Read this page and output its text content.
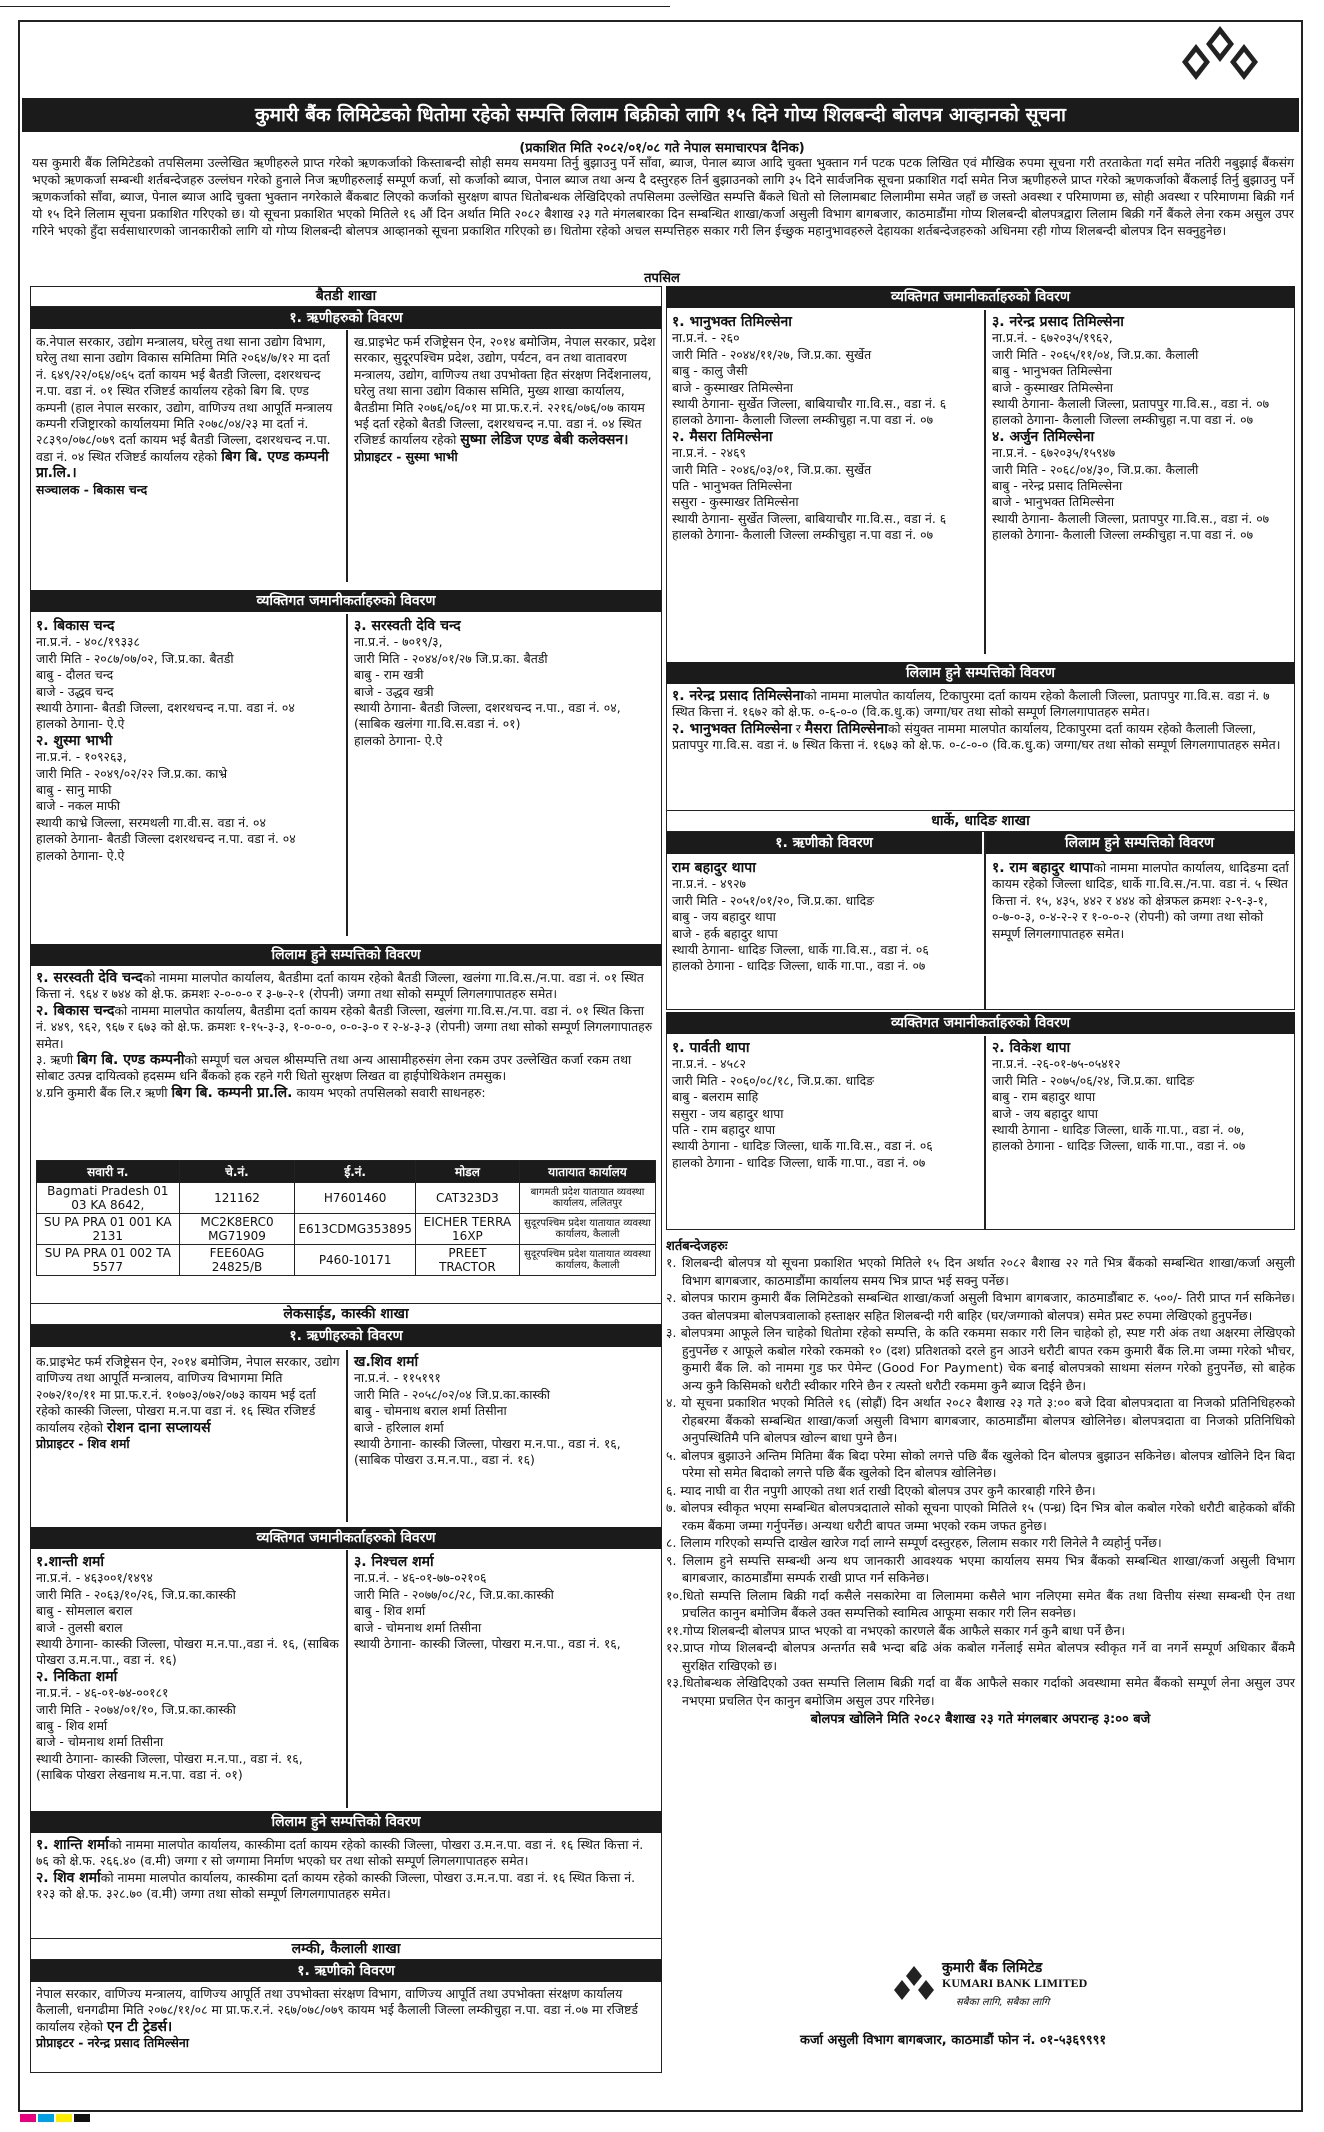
कुमारी बैंक लिमिटेडको धितोमा रहेको सम्पत्ति लिलाम बिक्रीको लागि १५ दिने गोप्य शिलबन्दी बोलपत्र आव्हानको सूचना
(प्रकाशित मिति २०८२/०१/०८ गते नेपाल समाचारपत्र दैनिक)
यस कुमारी बैंक लिमिटेडको तपसिलमा उल्लेखित ऋणीहरुले प्राप्त गरेको ऋणकर्जाको किस्ताबन्दी सोही समय समयमा तिर्नु बुझाउनु पर्ने साँवा, ब्याज, पेनाल ब्याज आदि चुक्ता भुक्तान गर्न पटक पटक लिखित एवं मौखिक रुपमा सूचना गरी तरताकेता गर्दा समेत नतिरी नबुझाई बैंकसंग भएको ऋणकर्जा सम्बन्धी शर्तबन्देजहरु उल्लंघन गरेको हुनाले निज ऋणीहरुलाई सम्पूर्ण कर्जा, सो कर्जाको ब्याज, पेनाल ब्याज तथा अन्य दै दस्तुरहरु तिर्न बुझाउनको लागि ३५ दिने सार्वजनिक सूचना प्रकाशित गर्दा समेत निज ऋणीहरुले प्राप्त गरेको ऋणकर्जाको बैंकलाई तिर्नु बुझाउनु पर्ने ऋणकर्जाको साँवा, ब्याज, पेनाल ब्याज आदि चुक्ता भुक्तान नगरेकाले बैंकबाट लिएको कर्जाको सुरक्षण बापत धितोबन्धक लेखिदिएको तपसिलमा उल्लेखित सम्पत्ति बैंकले धितो सो लिलामबाट लिलामीमा समेत जहाँ छ जस्तो अवस्था र परिमाणमा छ, सोही अवस्था र परिमाणमा बिक्री गर्न यो १५ दिने लिलाम सूचना प्रकाशित गरिएको छ। यो सूचना प्रकाशित भएको मितिले १६ औं दिन अर्थात मिति २०८२ बैशाख २३ गते मंगलबारका दिन सम्बन्धित शाखा/कर्जा असुली विभाग बागबजार, काठमाडौंमा गोप्य शिलबन्दी बोलपत्रद्वारा लिलाम बिक्री गर्ने बैंकले लेना रकम असुल उपर गरिने भएको हुँदा सर्वसाधारणको जानकारीको लागि यो गोप्य शिलबन्दी बोलपत्र आव्हानको सूचना प्रकाशित गरिएको छ। धितोमा रहेको अचल सम्पत्तिहरु सकार गरी लिन ईच्छुक महानुभावहरुले देहायका शर्तबन्देजहरुको अधिनमा रही गोप्य शिलबन्दी बोलपत्र दिन सक्नुहुनेछ।
तपसिल
बैतडी शाखा
१. ऋणीहरुको विवरण
क.नेपाल सरकार, उद्योग मन्त्रालय, घरेलु तथा साना उद्योग विभाग, घरेलु तथा साना उद्योग विकास समितिमा मिति २०६४/७/१२ मा दर्ता नं. ६४९/२२/०६४/०६५ दर्ता कायम भई बैतडी जिल्ला, दशरथचन्द न.पा. वडा नं. ०१ स्थित रजिष्टर्ड कार्यालय रहेको बिग बि. एण्ड कम्पनी (हाल नेपाल सरकार, उद्योग, वाणिज्य तथा आपूर्ति मन्त्रालय कम्पनी रजिष्ट्रारको कार्यालयमा मिति २०७८/०४/२३ मा दर्ता नं. २८३९०/०७८/०७९ दर्ता कायम भई बैतडी जिल्ला, दशरथचन्द न.पा. वडा नं. ०४ स्थित रजिष्टर्ड कार्यालय रहेको बिग बि. एण्ड कम्पनी प्रा.लि.।
सञ्चालक - बिकास चन्द
ख.प्राइभेट फर्म रजिष्ट्रेसन ऐन, २०१४ बमोजिम, नेपाल सरकार, प्रदेश सरकार, सुदूरपश्चिम प्रदेश, उद्योग, पर्यटन, वन तथा वातावरण मन्त्रालय, उद्योग, वाणिज्य तथा उपभोक्ता हित संरक्षण निर्देशनालय, घरेलु तथा साना उद्योग विकास समिति, मुख्य शाखा कार्यालय, बैतडीमा मिति २०७६/०६/०१ मा प्रा.फ.र.नं. २२१६/०७६/०७ कायम भई दर्ता रहेको बैतडी जिल्ला, दशरथचन्द न.पा. वडा नं. ०४ स्थित रजिष्टर्ड कार्यालय रहेको सुष्मा लेडिज एण्ड बेबी कलेक्सन।
प्रोप्राइटर - सुस्मा भाभी
व्यक्तिगत जमानीकर्ताहरुको विवरण
१. बिकास चन्द
ना.प्र.नं. - ४०८/१९३३८
जारी मिति - २०८७/०७/०२, जि.प्र.का. बैतडी
बाबु - दौलत चन्द
बाजे - उद्धव चन्द
स्थायी ठेगाना- बैतडी जिल्ला, दशरथचन्द न.पा. वडा नं. ०४
हालको ठेगाना- ऐ.ऐ
२. शुस्मा भाभी
ना.प्र.नं. - १०९२६३,
जारी मिति - २०४९/०२/२२ जि.प्र.का. काभ्रे
बाबु - सानु माफी
बाजे - नकल माफी
स्थायी काभ्रे जिल्ला, सरमथली गा.वी.स. वडा नं. ०४
हालको ठेगाना- बैतडी जिल्ला दशरथचन्द न.पा. वडा नं. ०४
हालको ठेगाना- ऐ.ऐ
३. सरस्वती देवि चन्द
ना.प्र.नं. - ७०१९/३,
जारी मिति - २०४४/०१/२७ जि.प्र.का. बैतडी
बाबु - राम खत्री
बाजे - उद्धव खत्री
स्थायी ठेगाना- बैतडी जिल्ला, दशरथचन्द न.पा., वडा नं. ०४, (साबिक खलंगा गा.वि.स.वडा नं. ०१)
हालको ठेगाना- ऐ.ऐ
लिलाम हुने सम्पत्तिको विवरण
१. सरस्वती देवि चन्दको नाममा मालपोत कार्यालय, बैतडीमा दर्ता कायम रहेको बैतडी जिल्ला, खलंगा गा.वि.स./न.पा. वडा नं. ०१ स्थित कित्ता नं. ९६४ र ७४४ को क्षे.फ. क्रमशः २-०-०-० र ३-७-२-१ (रोपनी) जग्गा तथा सोको सम्पूर्ण लिगलगापातहरु समेत।
२. बिकास चन्दको नाममा मालपोत कार्यालय, बैतडीमा दर्ता कायम रहेको बैतडी जिल्ला, खलंगा गा.वि.स./न.पा. वडा नं. ०१ स्थित कित्ता नं. ४४९, ९६२, ९६७ र ६७३ को क्षे.फ. क्रमशः १-१५-३-३, १-०-०-०, ०-०-३-० र २-४-३-३ (रोपनी) जग्गा तथा सोको सम्पूर्ण लिगलगापातहरु समेत।
३. ऋणी बिग बि. एण्ड कम्पनीको सम्पूर्ण चल अचल श्रीसम्पत्ति तथा अन्य आसामीहरुसंग लेना रकम उपर उल्लेखित कर्जा रकम तथा सोबाट उत्पन्न दायित्वको हदसम्म धनि बैंकको हक रहने गरी धितो सुरक्षण लिखत वा हाईपोथिकेशन तमसुक।
४.ग्रनि कुमारी बैंक लि.र ऋणी बिग बि. कम्पनी प्रा.लि. कायम भएको तपसिलको सवारी साधनहरु:
सवारी न.	चे.नं.	ई.नं.	मोडल	यातायात कार्यालय
Bagmati Pradesh 01 03 KA 8642,	121162	H7601460	CAT323D3	बागमती प्रदेश यातायात व्यवस्था कार्यालय, ललितपुर
SU PA PRA 01 001 KA 2131	MC2K8ERC0 MG71909	E613CDMG353895	EICHER TERRA 16XP	सुदूरपश्चिम प्रदेश यातायात व्यवस्था कार्यालय, कैलाली
SU PA PRA 01 002 TA 5577	FEE60AG 24825/B	P460-10171	PREET TRACTOR	सुदूरपश्चिम प्रदेश यातायात व्यवस्था कार्यालय, कैलाली
लेकसाईड, कास्की शाखा
१. ऋणीहरुको विवरण
क.प्राइभेट फर्म रजिष्ट्रेसन ऐन, २०१४ बमोजिम, नेपाल सरकार, उद्योग वाणिज्य तथा आपूर्ति मन्त्रालय, वाणिज्य विभागमा मिति २०७२/१०/११ मा प्रा.फ.र.नं. १०७०३/०७२/०७३ कायम भई दर्ता रहेको कास्की जिल्ला, पोखरा म.न.पा वडा नं. १६ स्थित रजिष्टर्ड कार्यालय रहेको रोशन दाना सप्लायर्स
प्रोप्राइटर - शिव शर्मा
ख.शिव शर्मा
ना.प्र.नं. - ११५१९१
जारी मिति - २०५८/०२/०४ जि.प्र.का.कास्की
बाबु - चोमनाथ बराल शर्मा तिसीना
बाजे - हरिलाल शर्मा
स्थायी ठेगाना- कास्की जिल्ला, पोखरा म.न.पा., वडा नं. १६, (साबिक पोखरा उ.म.न.पा., वडा नं. १६)
व्यक्तिगत जमानीकर्ताहरुको विवरण
१.शान्ती शर्मा
ना.प्र.नं. - ४६३००१/१४९४
जारी मिति - २०६३/१०/२६, जि.प्र.का.कास्की
बाबु - सोमलाल बराल
बाजे - तुलसी बराल
स्थायी ठेगाना- कास्की जिल्ला, पोखरा म.न.पा.,वडा नं. १६, (साबिक पोखरा उ.म.न.पा., वडा नं. १६)
२. निकिता शर्मा
ना.प्र.नं. - ४६-०१-७४-००१८१
जारी मिति - २०७४/०१/१०, जि.प्र.का.कास्की
बाबु - शिव शर्मा
बाजे - चोमनाथ शर्मा तिसीना
स्थायी ठेगाना- कास्की जिल्ला, पोखरा म.न.पा., वडा नं. १६, (साबिक पोखरा लेखनाथ म.न.पा. वडा नं. ०१)
३. निश्चल शर्मा
ना.प्र.नं. - ४६-०१-७७-०२१०६
जारी मिति - २०७७/०८/२८, जि.प्र.का.कास्की
बाबु - शिव शर्मा
बाजे - चोमनाथ शर्मा तिसीना
स्थायी ठेगाना- कास्की जिल्ला, पोखरा म.न.पा., वडा नं. १६,
लिलाम हुने सम्पत्तिको विवरण
१. शान्ति शर्माको नाममा मालपोत कार्यालय, कास्कीमा दर्ता कायम रहेको कास्की जिल्ला, पोखरा उ.म.न.पा. वडा नं. १६ स्थित कित्ता नं. ७६ को क्षे.फ. २६६.४० (व.मी) जग्गा र सो जग्गामा निर्माण भएको घर तथा सोको सम्पूर्ण लिगलगापातहरु समेत।
२. शिव शर्माको नाममा मालपोत कार्यालय, कास्कीमा दर्ता कायम रहेको कास्की जिल्ला, पोखरा उ.म.न.पा. वडा नं. १६ स्थित कित्ता नं. १२३ को क्षे.फ. ३२८.७० (व.मी) जग्गा तथा सोको सम्पूर्ण लिगलगापातहरु समेत।
लम्की, कैलाली शाखा
१. ऋणीको विवरण
नेपाल सरकार, वाणिज्य मन्त्रालय, वाणिज्य आपूर्ति तथा उपभोक्ता संरक्षण विभाग, वाणिज्य आपूर्ति तथा उपभोक्ता संरक्षण कार्यालय कैलाली, धनगढीमा मिति २०७८/११/०८ मा प्रा.फ.र.नं. २६७/०७८/०७९ कायम भई कैलाली जिल्ला लम्कीचुहा न.पा. वडा नं.०७ मा रजिष्टर्ड कार्यालय रहेको एन टी ट्रेडर्स।
प्रोप्राइटर - नरेन्द्र प्रसाद तिमिल्सेना
व्यक्तिगत जमानीकर्ताहरुको विवरण
१. भानुभक्त तिमिल्सेना
ना.प्र.नं. - २६०
जारी मिति - २०४४/११/२७, जि.प्र.का. सुर्खेत
बाबु - कालु जैसी
बाजे - कुस्माखर तिमिल्सेना
स्थायी ठेगाना- सुर्खेत जिल्ला, बाबियाचौर गा.वि.स., वडा नं. ६
हालको ठेगाना- कैलाली जिल्ला लम्कीचुहा न.पा वडा नं. ०७
२. मैसरा तिमिल्सेना
ना.प्र.नं. - २४६९
जारी मिति - २०४६/०३/०१, जि.प्र.का. सुर्खेत
पति - भानुभक्त तिमिल्सेना
ससुरा - कुस्माखर तिमिल्सेना
स्थायी ठेगाना- सुर्खेत जिल्ला, बाबियाचौर गा.वि.स., वडा नं. ६
हालको ठेगाना- कैलाली जिल्ला लम्कीचुहा न.पा वडा नं. ०७
३. नरेन्द्र प्रसाद तिमिल्सेना
ना.प्र.नं. - ६७२०३५/१९६२,
जारी मिति - २०६५/११/०४, जि.प्र.का. कैलाली
बाबु - भानुभक्त तिमिल्सेना
बाजे - कुस्माखर तिमिल्सेना
स्थायी ठेगाना- कैलाली जिल्ला, प्रतापपुर गा.वि.स., वडा नं. ०७
हालको ठेगाना- कैलाली जिल्ला लम्कीचुहा न.पा वडा नं. ०७
४. अर्जुन तिमिल्सेना
ना.प्र.नं. - ६७२०३५/१५९४७
जारी मिति - २०६८/०४/३०, जि.प्र.का. कैलाली
बाबु - नरेन्द्र प्रसाद तिमिल्सेना
बाजे - भानुभक्त तिमिल्सेना
स्थायी ठेगाना- कैलाली जिल्ला, प्रतापपुर गा.वि.स., वडा नं. ०७
हालको ठेगाना- कैलाली जिल्ला लम्कीचुहा न.पा वडा नं. ०७
लिलाम हुने सम्पत्तिको विवरण
१. नरेन्द्र प्रसाद तिमिल्सेनाको नाममा मालपोत कार्यालय, टिकापुरमा दर्ता कायम रहेको कैलाली जिल्ला, प्रतापपुर गा.वि.स. वडा नं. ७ स्थित कित्ता नं. १६७२ को क्षे.फ. ०-६-०-० (वि.क.धु.क) जग्गा/घर तथा सोको सम्पूर्ण लिगलगापातहरु समेत।
२. भानुभक्त तिमिल्सेना र मैसरा तिमिल्सेनाको संयुक्त नाममा मालपोत कार्यालय, टिकापुरमा दर्ता कायम रहेको कैलाली जिल्ला, प्रतापपुर गा.वि.स. वडा नं. ७ स्थित कित्ता नं. १६७३ को क्षे.फ. ०-८-०-० (वि.क.धु.क) जग्गा/घर तथा सोको सम्पूर्ण लिगलगापातहरु समेत।
धार्के, धादिङ शाखा
१. ऋणीको विवरण	लिलाम हुने सम्पत्तिको विवरण
राम बहादुर थापा
ना.प्र.नं. - ४९२७
जारी मिति - २०५१/०१/२०, जि.प्र.का. धादिङ
बाबु - जय बहादुर थापा
बाजे - हर्क बहादुर थापा
स्थायी ठेगाना- धादिङ जिल्ला, धार्के गा.वि.स., वडा नं. ०६
हालको ठेगाना - धादिङ जिल्ला, धार्के गा.पा., वडा नं. ०७
१. राम बहादुर थापाको नाममा मालपोत कार्यालय, धादिङमा दर्ता कायम रहेको जिल्ला धादिङ, धार्के गा.वि.स./न.पा. वडा नं. ५ स्थित कित्ता नं. १५, ४३५, ४४२ र ४४४ को क्षेत्रफल क्रमशः २-९-३-१, ०-७-०-३, ०-४-२-२ र १-०-०-२ (रोपनी) को जग्गा तथा सोको सम्पूर्ण लिगलगापातहरु समेत।
व्यक्तिगत जमानीकर्ताहरुको विवरण
१. पार्वती थापा
ना.प्र.नं. - ४५८२
जारी मिति - २०६०/०८/१८, जि.प्र.का. धादिङ
बाबु - बलराम साहि
ससुरा - जय बहादुर थापा
पति - राम बहादुर थापा
स्थायी ठेगाना - धादिङ जिल्ला, धार्के गा.वि.स., वडा नं. ०६
हालको ठेगाना - धादिङ जिल्ला, धार्के गा.पा., वडा नं. ०७
२. विकेश थापा
ना.प्र.नं. -२६-०१-७५-०५४१२
जारी मिति - २०७५/०६/२४, जि.प्र.का. धादिङ
बाबु - राम बहादुर थापा
बाजे - जय बहादुर थापा
स्थायी ठेगाना - धादिङ जिल्ला, धार्के गा.पा., वडा नं. ०७,
हालको ठेगाना - धादिङ जिल्ला, धार्के गा.पा., वडा नं. ०७
शर्तबन्देजहरुः

१. शिलबन्दी बोलपत्र यो सूचना प्रकाशित भएको मितिले १५ दिन अर्थात २०८२ बैशाख २२ गते भित्र बैंकको सम्बन्धित शाखा/कर्जा असुली विभाग बागबजार, काठमाडौंमा कार्यालय समय भित्र प्राप्त भई सक्नु पर्नेछ।

२. बोलपत्र फाराम कुमारी बैंक लिमिटेडको सम्बन्धित शाखा/कर्जा असुली विभाग बागबजार, काठमाडौंबाट रु. ५००/- तिरी प्राप्त गर्न सकिनेछ। उक्त बोलपत्रमा बोलपत्रवालाको हस्ताक्षर सहित शिलबन्दी गरी बाहिर (घर/जग्गाको बोलपत्र) समेत प्रस्ट रुपमा लेखिएको हुनुपर्नेछ।

३. बोलपत्रमा आफूले लिन चाहेको धितोमा रहेको सम्पत्ति, के कति रकममा सकार गरी लिन चाहेको हो, स्पष्ट गरी अंक तथा अक्षरमा लेखिएको हुनुपर्नेछ र आफूले कबोल गरेको रकमको १० (दश) प्रतिशतको दरले हुन आउने धरौटी बापत रकम कुमारी बैंक लि.मा जम्मा गरेको भौचर, कुमारी बैंक लि. को नाममा गुड फर पेमेन्ट (Good For Payment) चेक बनाई बोलपत्रको साथमा संलग्न गरेको हुनुपर्नेछ, सो बाहेक अन्य कुनै किसिमको धरौटी स्वीकार गरिने छैन र त्यस्तो धरौटी रकममा कुनै ब्याज दिईने छैन।

४. यो सूचना प्रकाशित भएको मितिले १६ (सोह्रौं) दिन अर्थात २०८२ बैशाख २३ गते ३:०० बजे दिवा बोलपत्रदाता वा निजको प्रतिनिधिहरुको रोहबरमा बैंकको सम्बन्धित शाखा/कर्जा असुली विभाग बागबजार, काठमाडौंमा बोलपत्र खोलिनेछ। बोलपत्रदाता वा निजको प्रतिनिधिको अनुपस्थितिमै पनि बोलपत्र खोल्न बाधा पुग्ने छैन।

५. बोलपत्र बुझाउने अन्तिम मितिमा बैंक बिदा परेमा सोको लगत्ते पछि बैंक खुलेको दिन बोलपत्र बुझाउन सकिनेछ। बोलपत्र खोलिने दिन बिदा परेमा सो समेत बिदाको लगत्ते पछि बैंक खुलेको दिन बोलपत्र खोलिनेछ।

६. म्याद नाघी वा रीत नपुगी आएको तथा शर्त राखी दिएको बोलपत्र उपर कुनै कारबाही गरिने छैन।

७. बोलपत्र स्वीकृत भएमा सम्बन्धित बोलपत्रदाताले सोको सूचना पाएको मितिले १५ (पन्ध्र) दिन भित्र बोल कबोल गरेको धरौटी बाहेकको बाँकी रकम बैंकमा जम्मा गर्नुपर्नेछ। अन्यथा धरौटी बापत जम्मा भएको रकम जफत हुनेछ।

८. लिलाम गरिएको सम्पत्ति दाखेल खारेज गर्दा लाग्ने सम्पूर्ण दस्तुरहरु, लिलाम सकार गरी लिनेले नै व्यहोर्नु पर्नेछ।

९. लिलाम हुने सम्पत्ति सम्बन्धी अन्य थप जानकारी आवश्यक भएमा कार्यालय समय भित्र बैंकको सम्बन्धित शाखा/कर्जा असुली विभाग बागबजार, काठमाडौंमा सम्पर्क राखी प्राप्त गर्न सकिनेछ।

१०.धितो सम्पत्ति लिलाम बिक्री गर्दा कसैले नसकारेमा वा लिलाममा कसैले भाग नलिएमा समेत बैंक तथा वित्तीय संस्था सम्बन्धी ऐन तथा प्रचलित कानुन बमोजिम बैंकले उक्त सम्पत्तिको स्वामित्व आफूमा सकार गरी लिन सक्नेछ।

११.गोप्य शिलबन्दी बोलपत्र प्राप्त भएको वा नभएको कारणले बैंक आफैले सकार गर्न कुनै बाधा पर्ने छैन।

१२.प्राप्त गोप्य शिलबन्दी बोलपत्र अन्तर्गत सबै भन्दा बढि अंक कबोल गर्नेलाई समेत बोलपत्र स्वीकृत गर्ने वा नगर्ने सम्पूर्ण अधिकार बैंकमै सुरक्षित राखिएको छ।

१३.धितोबन्धक लेखिदिएको उक्त सम्पत्ति लिलाम बिक्री गर्दा वा बैंक आफैले सकार गर्दाको अवस्थामा समेत बैंकको सम्पूर्ण लेना असुल उपर नभएमा प्रचलित ऐन कानुन बमोजिम असुल उपर गरिनेछ।

बोलपत्र खोलिने मिति २०८२ बैशाख २३ गते मंगलबार अपरान्ह ३:०० बजे
कुमारी बैंक लिमिटेड
KUMARI BANK LIMITED
सबैका लागि, सबैका लागि
कर्जा असुली विभाग बागबजार, काठमाडौं फोन नं. ०१-५३६९९९१
